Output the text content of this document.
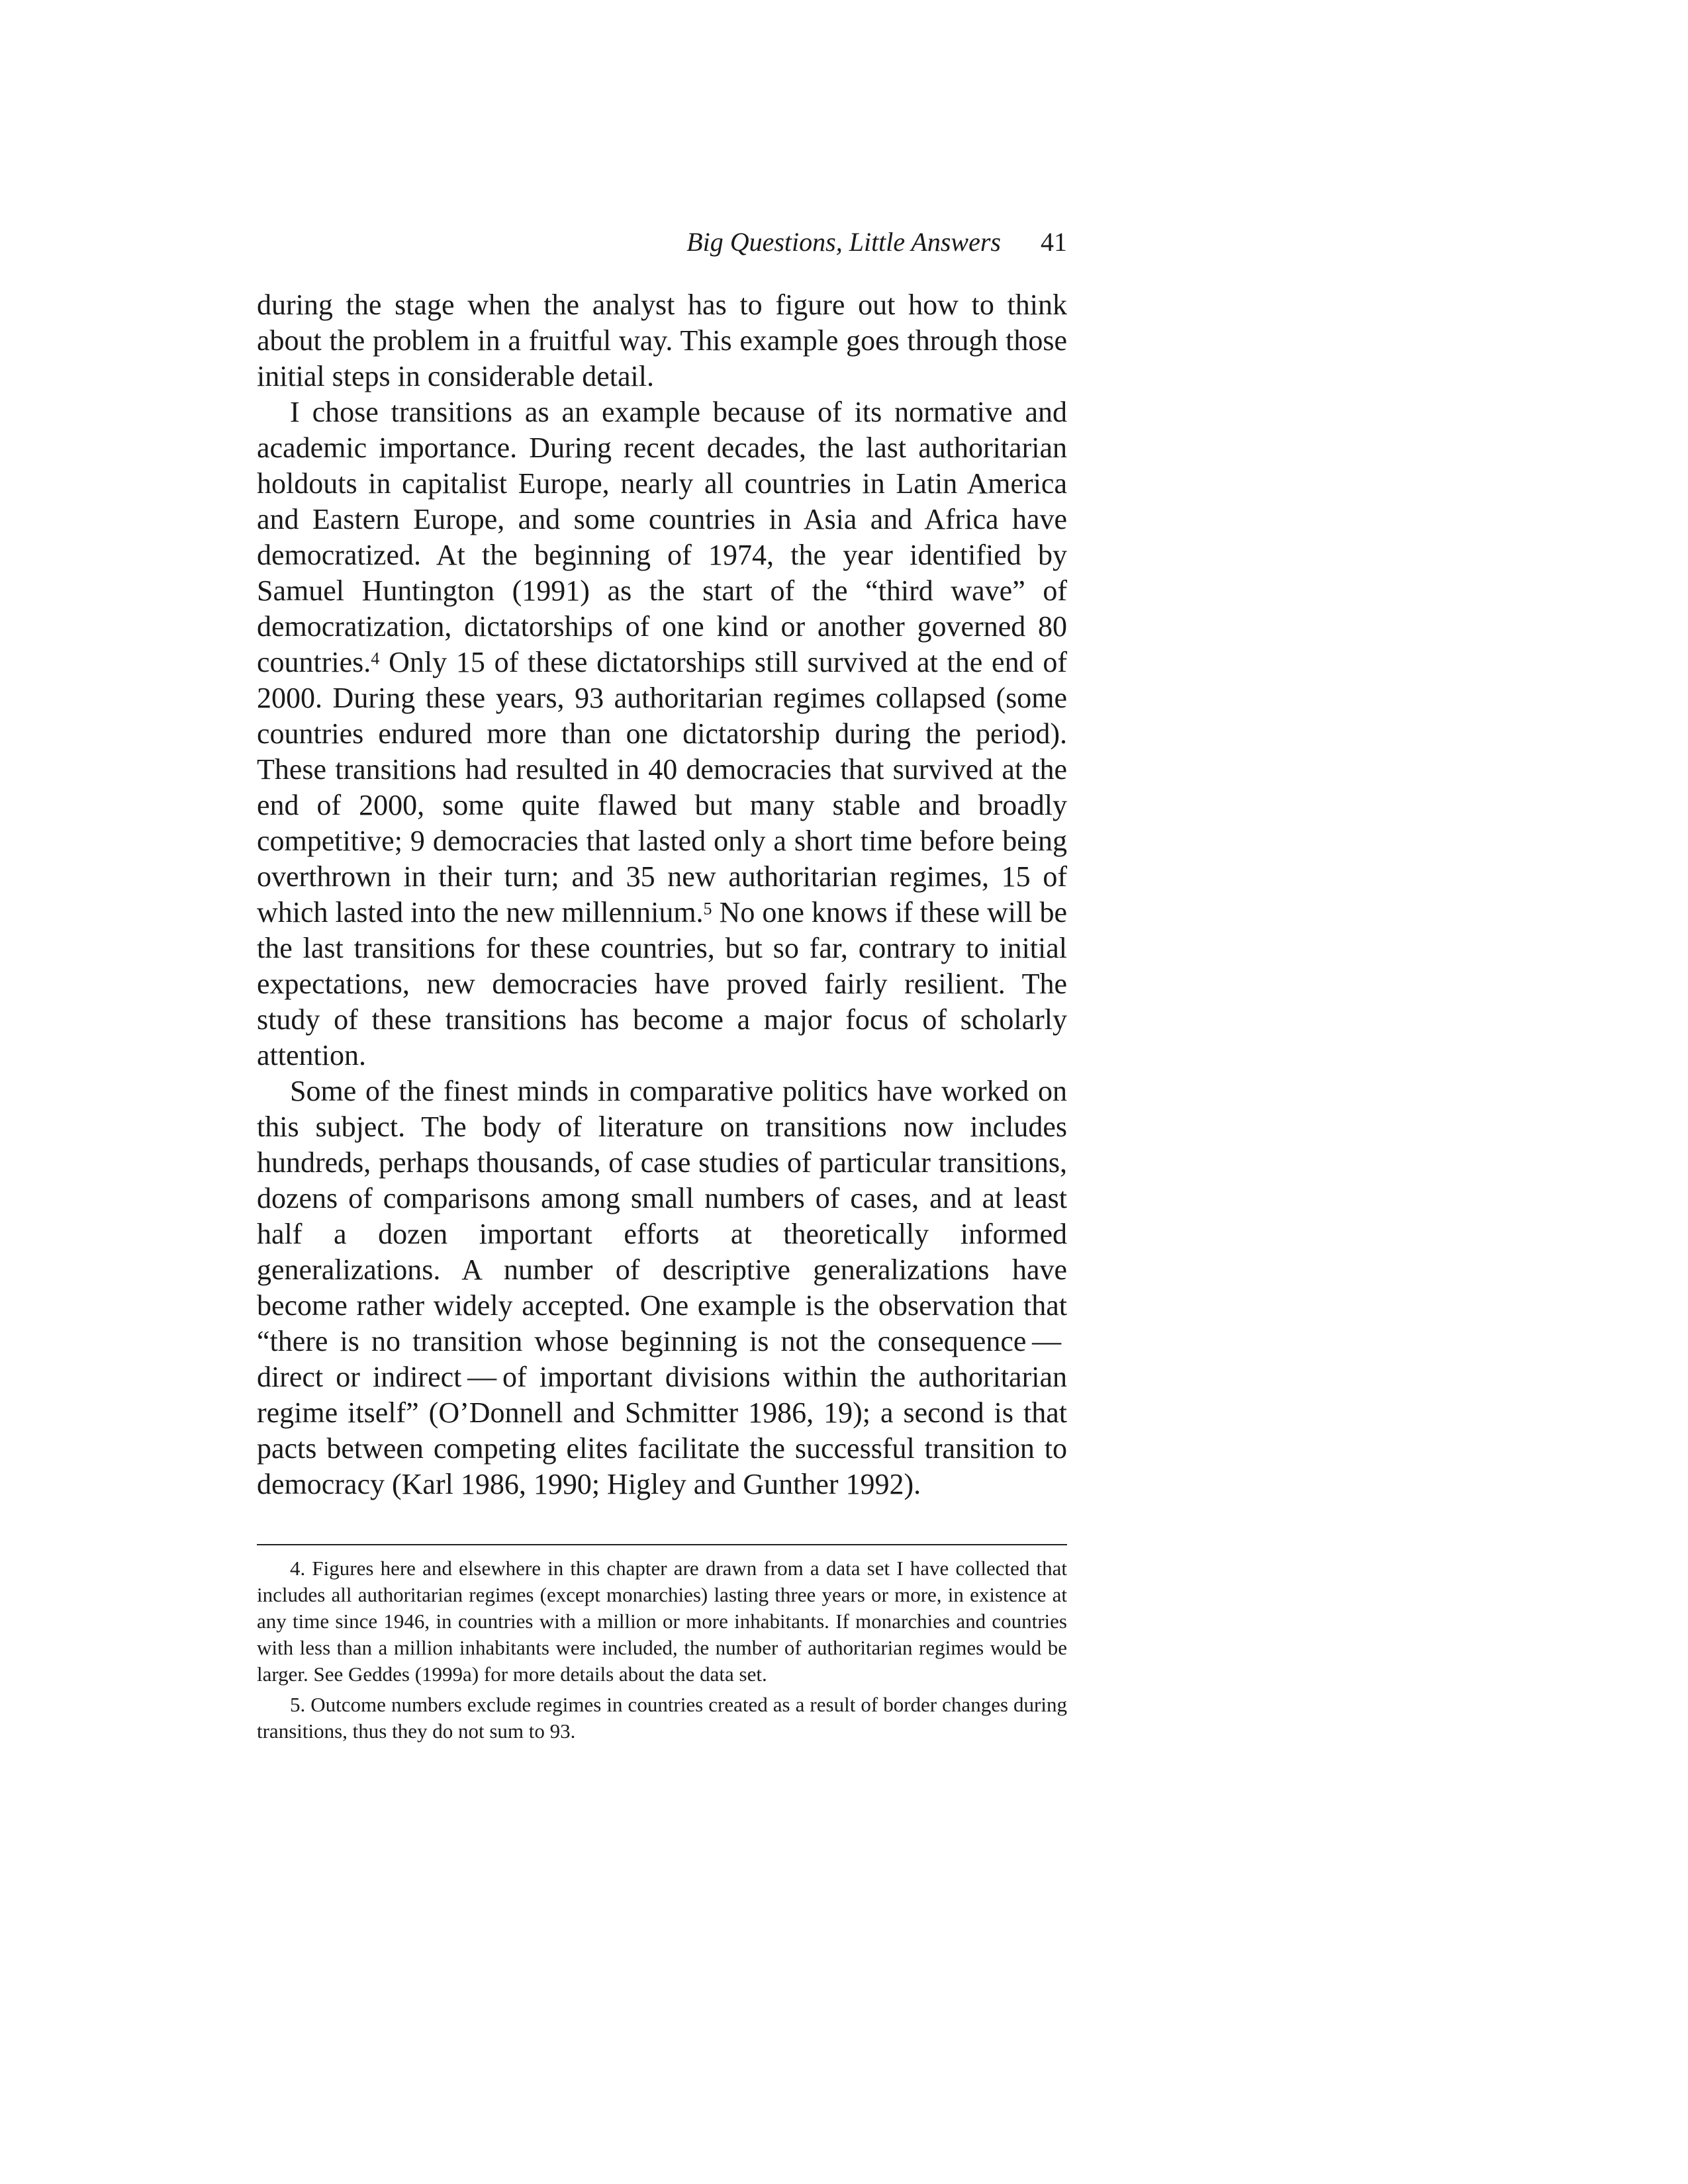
Big Questions, Little Answers 41

during the stage when the analyst has to figure out how to think about the problem in a fruitful way. This example goes through those initial steps in considerable detail.

I chose transitions as an example because of its normative and academic importance. During recent decades, the last authoritarian holdouts in capitalist Europe, nearly all countries in Latin America and Eastern Europe, and some countries in Asia and Africa have democratized. At the beginning of 1974, the year identified by Samuel Huntington (1991) as the start of the “third wave” of democratization, dictatorships of one kind or another governed 80 countries.$^4$ Only 15 of these dictatorships still survived at the end of 2000. During these years, 93 authoritarian regimes collapsed (some countries endured more than one dictatorship during the period). These transitions had resulted in 40 democracies that survived at the end of 2000, some quite flawed but many stable and broadly competitive; 9 democracies that lasted only a short time before being overthrown in their turn; and 35 new authoritarian regimes, 15 of which lasted into the new millennium.$^5$ No one knows if these will be the last transitions for these countries, but so far, contrary to initial expectations, new democracies have proved fairly resilient. The study of these transitions has become a major focus of scholarly attention.

Some of the finest minds in comparative politics have worked on this subject. The body of literature on transitions now includes hundreds, perhaps thousands, of case studies of particular transitions, dozens of comparisons among small numbers of cases, and at least half a dozen important efforts at theoretically informed generalizations. A number of descriptive generalizations have become rather widely accepted. One example is the observation that “there is no transition whose beginning is not the consequence — direct or indirect — of important divisions within the authoritarian regime itself” (O’Donnell and Schmitter 1986, 19); a second is that pacts between competing elites facilitate the successful transition to democracy (Karl 1986, 1990; Higley and Gunther 1992).

4. Figures here and elsewhere in this chapter are drawn from a data set I have collected that includes all authoritarian regimes (except monarchies) lasting three years or more, in existence at any time since 1946, in countries with a million or more inhabitants. If monarchies and countries with less than a million inhabitants were included, the number of authoritarian regimes would be larger. See Geddes (1999a) for more details about the data set.

5. Outcome numbers exclude regimes in countries created as a result of border changes during transitions, thus they do not sum to 93.
